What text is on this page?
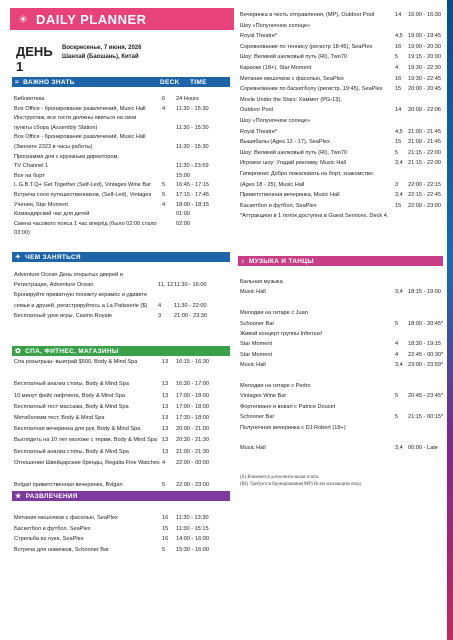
☀ DAILY PLANNER
ДЕНЬ 1
Воскресенье, 7 июня, 2026
Шанхай (Баошань), Китай
≈ ВАЖНО ЗНАТЬ	DECK TIME
Библиотека	6 24 Hours
Box Office - бронирование развлечений, Music Hall	4 11:30 - 15:30
Инструктаж, все гости должны явиться на свои
пункты сбора (Assembly Station)	11:30 - 15:30
Box Office - бронирование развлечений, Music Hall
(Звоните 2323 в часы работы)	11:30 - 15:30
Программа дня с круизным директором,
TV Channel 1	11:30 - 23:59
Все на борт	15:00
L.G.B.T.Q+ Get Together (Self-Led), Vintages Wine Bar 5 16:45 - 17:15
Встреча соло путешественников, (Self-Led), Vintages 5 17:15 - 17:45
Учения, Star Moment	4 18:00 - 18:15
Командирский час для детей	01:00
Смена часового пояса 1 час вперёд (было 02:00 стало	02:00
03:00)
✦ ЧЕМ ЗАНЯТЬСЯ
Adventure Ocean День открытых дверей и
Регистрация, Adventure Ocean	11, 12 11:30 - 16:00
Бронируйте приватную поножту керамос и удивите
семьи и друзей, регистрируйтесь а La Patisserie ($) 4 11:30 - 22:00
Бесплатный урок игры, Casino Royale	3 21:00 - 23:30
✿ СПА, ФИТНЕС, МАГАЗИНЫ
Спа розыгрыш- выиграй $500, Body & Mind Spa	13 16:15 - 16:30
Бесплатный анализ стопы, Body & Mind Spa	13 16:30 - 17:00
10 минут фейс лифтинга, Body & Mind Spa	13 17:00 - 18:00
Бесплатный тест массажа, Body & Mind Spa	13 17:00 - 18:00
Метаболизм тест, Body & Mind Spa	13 17:30 - 18:00
Бесплатная вечеринка для рук, Body & Mind Spa	13 20:00 - 21:00
Выглядеть на 10 лет моложе с терми, Body & Mind Spa 13 20:30 - 21:30
Бесплатный анализ стопы, Body & Mind Spa	13 21:00 - 21:30
Отношения Швейцарские бренды, Regalia Fine Watches 4 22:00 - 00:00
Bvlgari приветственная вечеринка, Bvlgari	5 22:00 - 23:00
★ РАЗВЛЕЧЕНИЯ
Метание мешочков с фасолью, SeaPlex	16 11:30 - 13:30
Баскетбол и футбол, SeaPlex	15 11:30 - 15:15
Стрельба из лука, SeaPlex	16 14:00 - 16:00
Встреча для новичков, Schooner Bar	5 15:30 - 16:00
Вечеринка в честь отправления, (MP), Outdoor Pool	14 16:00 - 16:30
Шоу «Полуночное солнце»
Royal Theatre*	4,5 19:00 - 19:45
Соревнование по теннису (регистр 18:45), SeaPlex	16 19:00 - 20:30
Шоу: Великий шелковый путь (RI), Two70	5 19:15 - 20:00
Караоке (18+), Star Moment	4 19:30 - 22:30
Метание мешочков с фасолью, SeaPlex	16 19:30 - 22:45
Соревнование по баскетболу (регистр. 19:45), SeaPlex 15 20:00 - 20:45
Movie Under the Stars: Хаммет (PG-13),
Outdoor Pool	14 20:00 - 22:06
Шоу «Полуночное солнце»
Royal Theatre*	4,5 21:00 - 21:45
Вышибалы (Ages 12 - 17), SeaPlex	15 21:00 - 21:45
Шоу: Великий шелковый путь (RI), Two70	5 21:15 - 22:00
Игровое шоу: Угадай рекламу, Music Hall	3,4 21:15 - 22:00
Гипергинис Добро пожаловать на борт, знакомство
(Ages 18 - 25), Music Hall	3 22:00 - 22:15
Приветственная вечеринка, Music Hall	3,4 22:15 - 22:45
Баскетбол и футбол, SeaPlex	15 22:00 - 23:00
*Аттракцион в 1 поток доступна в Guest Services, Deck 4.
♪ МУЗЫКА И ТАНЦЫ
Бальная музыка
Music Hall	3,4 18:15 - 19:00
Мелодии на гитаре с Juan
Schooner Bar	5 18:00 - 20:45*
Живой концерт группы Infernus!
Star Moment	4 18:30 - 19:15
Star Moment	4 22:45 - 00:30*
Music Hall	3,4 23:00 - 23:59*
Мелодии на гитаре с Pedro
Vintages Wine Bar	5 20:45 - 23:45*
Фортепиано и вокал с Patrice Doucet
Schooner Bar	5 21:15 - 00:15*
Полуночная вечеринка с DJ Robert (18+)
Music Hall	3,4 00:00 - Late
(S) Взимается дополнительная плата.
(RI) Требуется бронирование(MP) Всем желающим вход.
